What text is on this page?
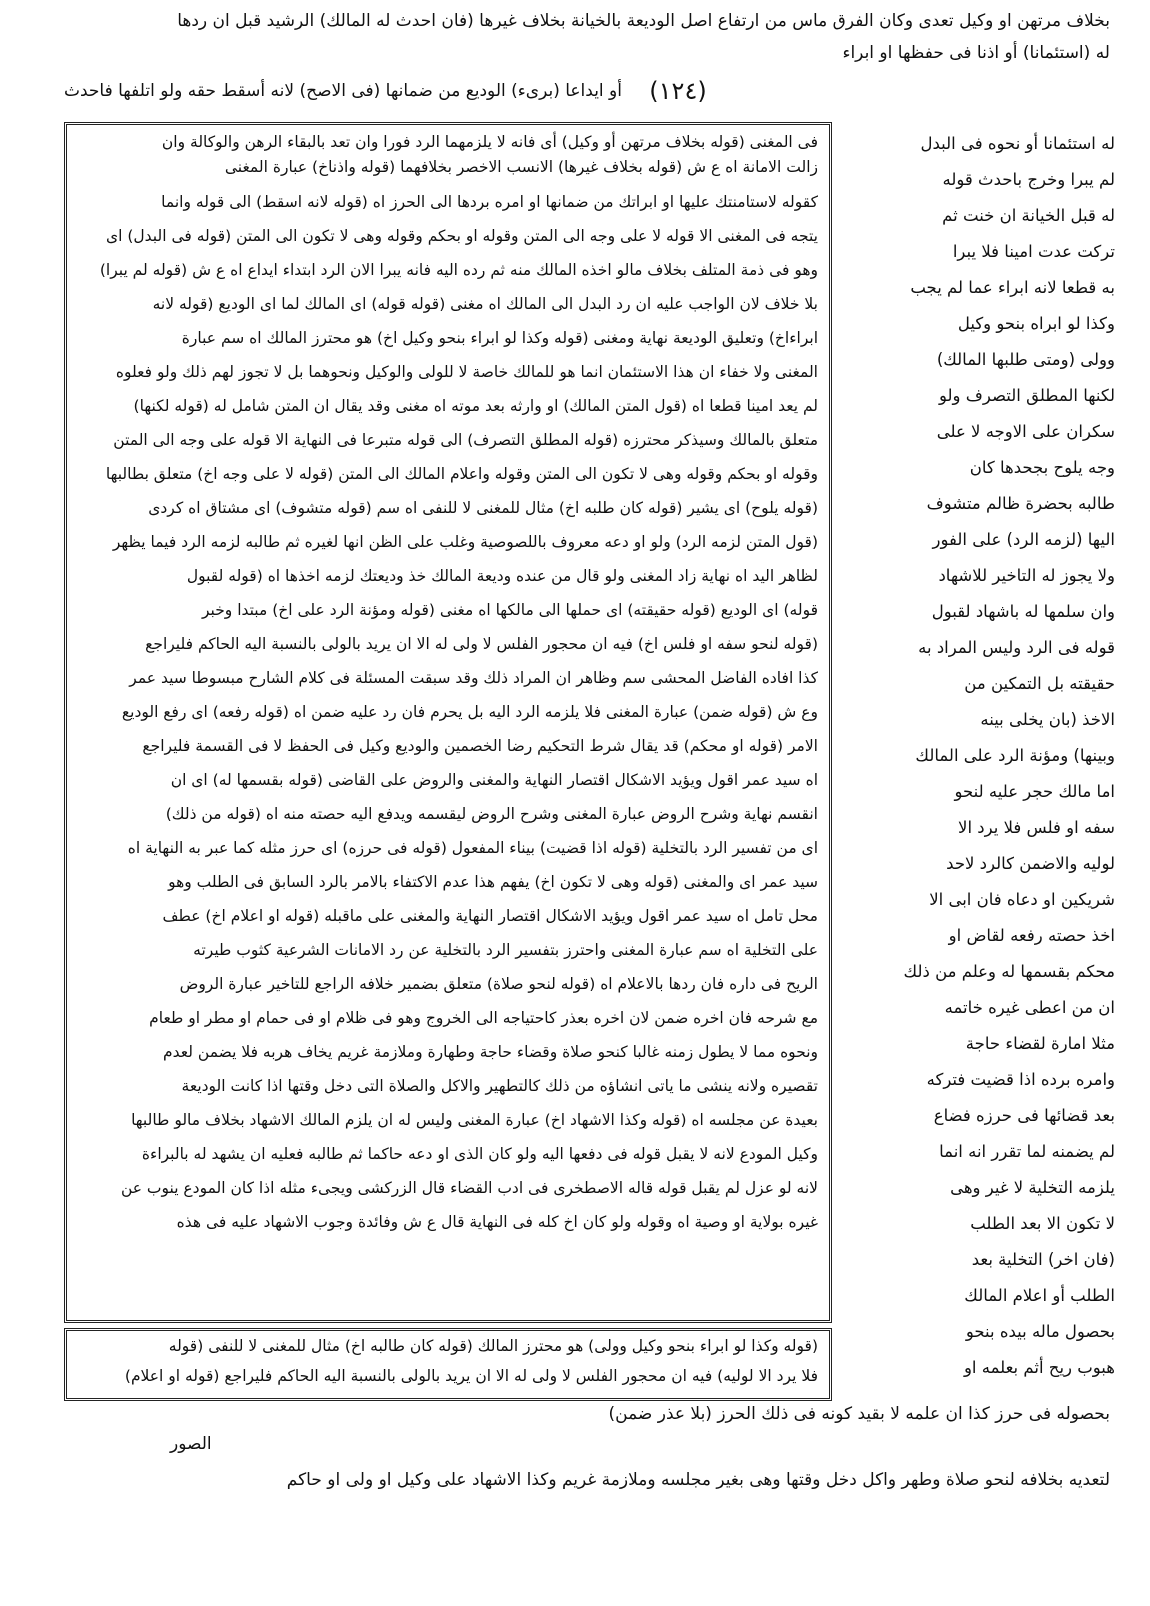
بخلاف مرتهن او وكيل تعدى وكان الفرق ماس من ارتفاع اصل الوديعة بالخيانة بخلاف غيرها (فان احدث له المالك) الرشيد قبل ان ردها
له (استئمانا) أو اذنا فى حفظها او ابراء
أو ايداعا (برىء) الوديع من ضمانها (فى الاصح) لانه أسقط حقه ولو اتلفها فاحدث	(١٢٤)
فى المغنى (قوله بخلاف مرتهن أو وكيل) أى فانه لا يلزمهما الرد فورا وان تعد بالبقاء الرهن والوكالة وان
زالت الامانة اه ع ش (قوله بخلاف غيرها) الانسب الاخصر بخلافهما (قوله واذناخ) عبارة المغنى
كقوله لاستامنتك عليها او ابراتك من ضمانها او امره بردها الى الحرز اه (قوله لانه اسقط) الى قوله وانما
يتجه فى المغنى الا قوله لا على وجه الى المتن وقوله او بحكم وقوله وهى لا تكون الى المتن (قوله فى البدل) اى
وهو فى ذمة المتلف بخلاف مالو اخذه المالك منه ثم رده اليه فانه يبرا الان الرد ابتداء ايداع اه ع ش (قوله لم يبرا)
بلا خلاف لان الواجب عليه ان رد البدل الى المالك اه مغنى (قوله قوله) اى المالك لما اى الوديع (قوله لانه
ابراءاخ) وتعليق الوديعة نهاية ومغنى (قوله وكذا لو ابراء بنحو وكيل اخ) هو محترز المالك اه سم عبارة
المغنى ولا خفاء ان هذا الاستئمان انما هو للمالك خاصة لا للولى والوكيل ونحوهما بل لا تجوز لهم ذلك ولو فعلوه
لم يعد امينا قطعا اه (قول المتن المالك) او وارثه بعد موته اه مغنى وقد يقال ان المتن شامل له (قوله لكنها)
متعلق بالمالك وسيذكر محترزه (قوله المطلق التصرف) الى قوله متبرعا فى النهاية الا قوله على وجه الى المتن
وقوله او بحكم وقوله وهى لا تكون الى المتن وقوله واعلام المالك الى المتن (قوله لا على وجه اخ) متعلق بطالبها
(قوله يلوح) اى يشير (قوله كان طلبه اخ) مثال للمغنى لا للنفى اه سم (قوله متشوف) اى مشتاق اه كردى
(قول المتن لزمه الرد) ولو او دعه معروف باللصوصية وغلب على الظن انها لغيره ثم طالبه لزمه الرد فيما يظهر
لظاهر اليد اه نهاية زاد المغنى ولو قال من عنده وديعة المالك خذ وديعتك لزمه اخذها اه (قوله لقبول
قوله) اى الوديع (قوله حقيقته) اى حملها الى مالكها اه مغنى (قوله ومؤنة الرد على اخ) مبتدا وخبر
(قوله لنحو سفه او فلس اخ) فيه ان محجور الفلس لا ولى له الا ان يريد بالولى بالنسبة اليه الحاكم فليراجع
كذا افاده الفاضل المحشى سم وظاهر ان المراد ذلك وقد سبقت المسئلة فى كلام الشارح مبسوطا سيد عمر
وع ش (قوله ضمن) عبارة المغنى فلا يلزمه الرد اليه بل يحرم فان رد عليه ضمن اه (قوله رفعه) اى رفع الوديع
الامر (قوله او محكم) قد يقال شرط التحكيم رضا الخصمين والوديع وكيل فى الحفظ لا فى القسمة فليراجع
اه سيد عمر اقول ويؤيد الاشكال اقتصار النهاية والمغنى والروض على القاضى (قوله بقسمها له) اى ان
انقسم نهاية وشرح الروض عبارة المغنى وشرح الروض ليقسمه ويدفع اليه حصته منه اه (قوله من ذلك)
اى من تفسير الرد بالتخلية (قوله اذا قضيت) بيناء المفعول (قوله فى حرزه) اى حرز مثله كما عبر به النهاية اه
سيد عمر اى والمغنى (قوله وهى لا تكون اخ) يفهم هذا عدم الاكتفاء بالامر بالرد السابق فى الطلب وهو
محل تامل اه سيد عمر اقول ويؤيد الاشكال اقتصار النهاية والمغنى على ماقبله (قوله او اعلام اخ) عطف
على التخلية اه سم عبارة المغنى واحترز بتفسير الرد بالتخلية عن رد الامانات الشرعية كثوب طيرته
الريح فى داره فان ردها بالاعلام اه (قوله لنحو صلاة) متعلق بضمير خلافه الراجع للتاخير عبارة الروض
مع شرحه فان اخره ضمن لان اخره بعذر كاحتياجه الى الخروج وهو فى ظلام او فى حمام او مطر او طعام
ونحوه مما لا يطول زمنه غالبا كنحو صلاة وقضاء حاجة وطهارة وملازمة غريم يخاف هربه فلا يضمن لعدم
تقصيره ولانه ينشى ما ياتى انشاؤه من ذلك كالتطهير والاكل والصلاة التى دخل وقتها اذا كانت الوديعة
بعيدة عن مجلسه اه (قوله وكذا الاشهاد اخ) عبارة المغنى وليس له ان يلزم المالك الاشهاد بخلاف مالو طالبها
وكيل المودع لانه لا يقبل قوله فى دفعها اليه ولو كان الذى او دعه حاكما ثم طالبه فعليه ان يشهد له بالبراءة
لانه لو عزل لم يقبل قوله قاله الاصطخرى فى ادب القضاء قال الزركشى ويجىء مثله اذا كان المودع ينوب عن
غيره بولاية او وصية اه وقوله ولو كان اخ كله فى النهاية قال ع ش وفائدة وجوب الاشهاد عليه فى هذه
(قوله وكذا لو ابراء بنحو وكيل وولى) هو محترز المالك (قوله كان طالبه اخ) مثال للمغنى لا للنفى (قوله
فلا يرد الا لوليه) فيه ان محجور الفلس لا ولى له الا ان يريد بالولى بالنسبة اليه الحاكم فليراجع (قوله او اعلام)
له استئمانا أو نحوه فى البدل
لم يبرا وخرج باحدث قوله
له قبل الخيانة ان خنت ثم
تركت عدت امينا فلا يبرا
به قطعا لانه ابراء عما لم يجب
وكذا لو ابراه بنحو وكيل
وولى (ومتى طلبها المالك)
لكنها المطلق التصرف ولو
سكران على الاوجه لا على
وجه يلوح بجحدها كان
طالبه بحضرة ظالم متشوف
اليها (لزمه الرد) على الفور
ولا يجوز له التاخير للاشهاد
وان سلمها له باشهاد لقبول
قوله فى الرد وليس المراد به
حقيقته بل التمكين من
الاخذ (بان يخلى بينه
وبينها) ومؤنة الرد على المالك
اما مالك حجر عليه لنحو
سفه او فلس فلا يرد الا
لوليه والاضمن كالرد لاحد
شريكين او دعاه فان ابى الا
اخذ حصته رفعه لقاض او
محكم بقسمها له وعلم من ذلك
ان من اعطى غيره خاتمه
مثلا امارة لقضاء حاجة
وامره برده اذا قضيت فتركه
بعد قضائها فى حرزه فضاع
لم يضمنه لما تقرر انه انما
يلزمه التخلية لا غير وهى
لا تكون الا بعد الطلب
(فان اخر) التخلية بعد
الطلب أو اعلام المالك
بحصول ماله بيده بنحو
هبوب ريح أثم بعلمه او
بحصوله فى حرز كذا ان علمه لا بقيد كونه فى ذلك الحرز (بلا عذر ضمن)
الصور
لتعديه بخلافه لنحو صلاة وطهر واكل دخل وقتها وهى بغير مجلسه وملازمة غريم وكذا الاشهاد على وكيل او ولى او حاكم
